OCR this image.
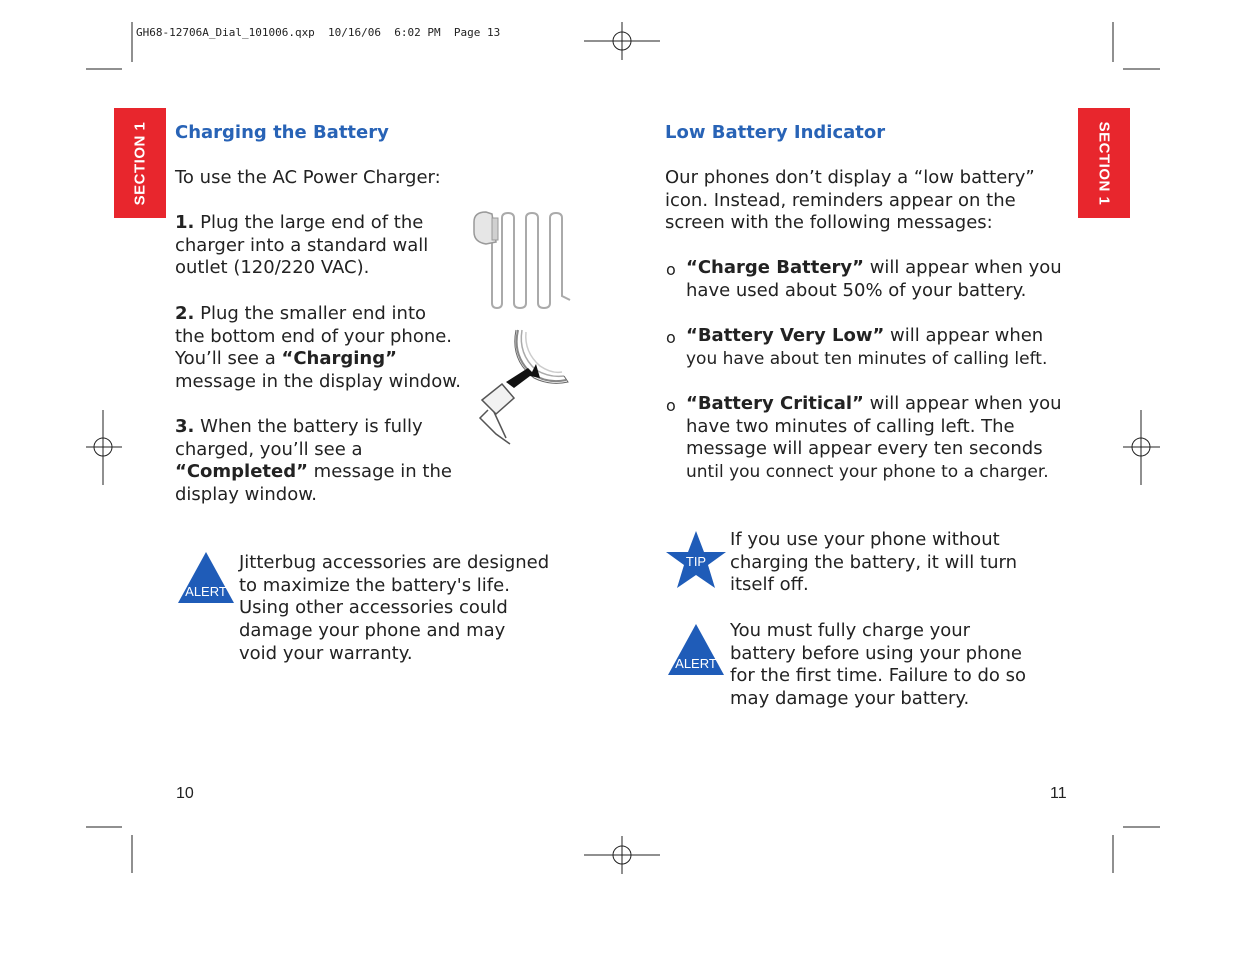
GH68-12706A_Dial_101006.qxp  10/16/06  6:02 PM  Page 13
SECTION 1 Charging the Battery
To use the AC Power Charger:
1. Plug the large end of the
charger into a standard wall
outlet (120/220 VAC).
2. Plug the smaller end into
the bottom end of your phone.
You’ll see a “Charging”
message in the display window.
3. When the battery is fully
charged, you’ll see a
“Completed” message in the
display window.
ALERT
Jitterbug accessories are designed
to maximize the battery's life.
Using other accessories could
damage your phone and may
void your warranty.
10
SECTION 1
Low Battery Indicator
Our phones don’t display a “low battery”
icon. Instead, reminders appear on the
screen with the following messages:
o “Charge Battery” will appear when you
have used about 50% of your battery.
o “Battery Very Low” will appear when
you have about ten minutes of calling left.
o “Battery Critical” will appear when you
have two minutes of calling left. The
message will appear every ten seconds
until you connect your phone to a charger.
TIP
If you use your phone without
charging the battery, it will turn
itself off.
ALERT
You must fully charge your
battery before using your phone
for the first time. Failure to do so
may damage your battery.
11
